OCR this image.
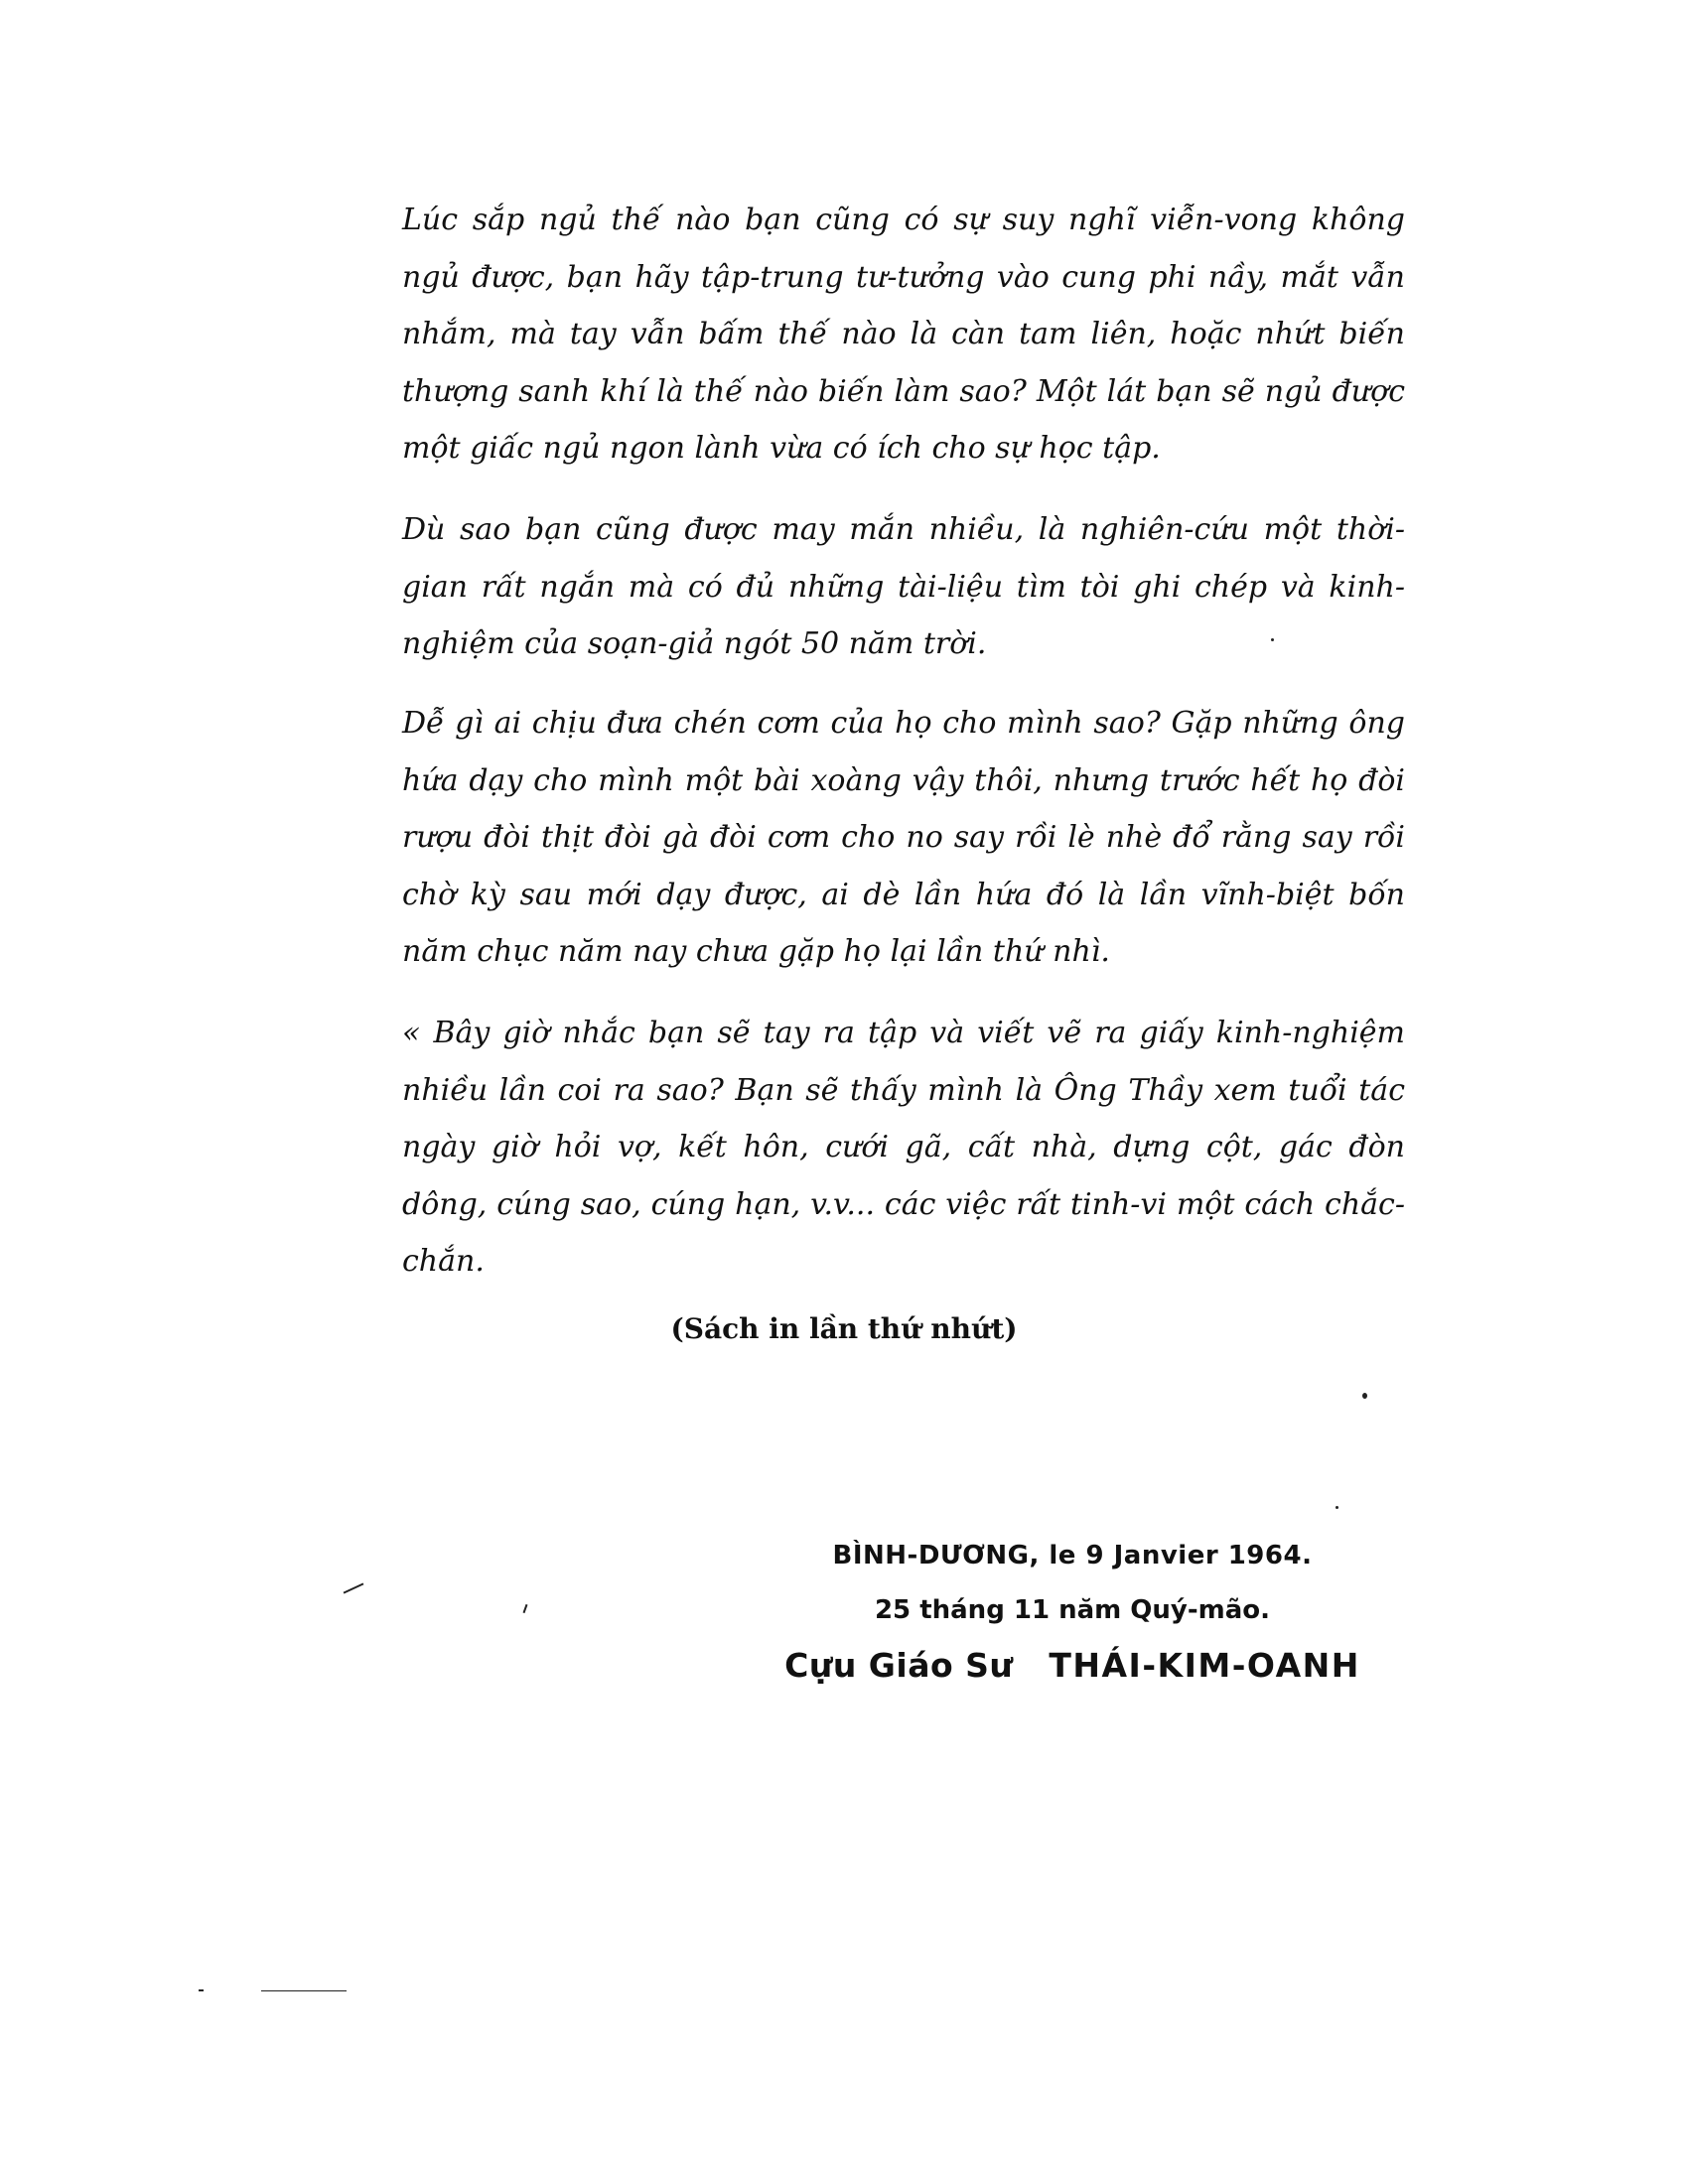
Lúc sắp ngủ thế nào bạn cũng có sự suy nghĩ viễn-vong không ngủ được, bạn hãy tập-trung tư-tưởng vào cung phi nầy, mắt vẫn nhắm, mà tay vẫn bấm thế nào là càn tam liên, hoặc nhứt biến thượng sanh khí là thế nào biến làm sao? Một lát bạn sẽ ngủ được một giấc ngủ ngon lành vừa có ích cho sự học tập.

Dù sao bạn cũng được may mắn nhiều, là nghiên-cứu một thời-gian rất ngắn mà có đủ những tài-liệu tìm tòi ghi chép và kinh-nghiệm của soạn-giả ngót 50 năm trời.

Dễ gì ai chịu đưa chén cơm của họ cho mình sao? Gặp những ông hứa dạy cho mình một bài xoàng vậy thôi, nhưng trước hết họ đòi rượu đòi thịt đòi gà đòi cơm cho no say rồi lè nhè đổ rằng say rồi chờ kỳ sau mới dạy được, ai dè lần hứa đó là lần vĩnh-biệt bốn năm chục năm nay chưa gặp họ lại lần thứ nhì.

« Bây giờ nhắc bạn sẽ tay ra tập và viết vẽ ra giấy kinh-nghiệm nhiều lần coi ra sao? Bạn sẽ thấy mình là Ông Thầy xem tuổi tác ngày giờ hỏi vợ, kết hôn, cưới gã, cất nhà, dựng cột, gác đòn dông, cúng sao, cúng hạn, v.v... các việc rất tinh-vi một cách chắc-chắn.

(Sách in lần thứ nhứt)

BÌNH-DƯƠNG, le 9 Janvier 1964.

25 tháng 11 năm Quý-mão.

Cựu Giáo Sư THÁI-KIM-OANH
